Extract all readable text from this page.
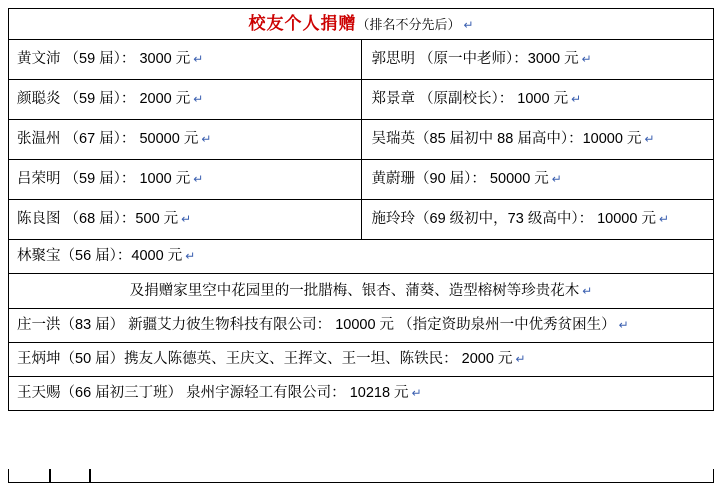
校友个人捐赠（排名不分先后） ↵	

黄文沛 （59 届）： 3000 元 ↵	郭思明 （原一中老师）：3000 元 ↵

颜聪炎 （59 届）： 2000 元 ↵	郑景章 （原副校长）： 1000 元 ↵

张温州 （67 届）： 50000 元 ↵	吴瑞英（85 届初中 88 届高中）：10000 元 ↵

吕荣明 （59 届）： 1000 元 ↵	黄蔚珊（90 届）： 50000 元 ↵

陈良图 （68 届）：500 元 ↵	施玲玲（69 级初中，73 级高中）： 10000 元 ↵

林聚宝（56 届）：4000 元 ↵	

及捐赠家里空中花园里的一批腊梅、银杏、蒲葵、造型榕树等珍贵花木 ↵	

庄一洪（83 届） 新疆艾力彼生物科技有限公司： 10000 元 （指定资助泉州一中优秀贫困生） ↵	

王炳坤（50 届）携友人陈德英、王庆文、王挥文、王一坦、陈铁民： 2000 元 ↵	

王天赐（66 届初三丁班） 泉州宇源轻工有限公司： 10218 元 ↵	
